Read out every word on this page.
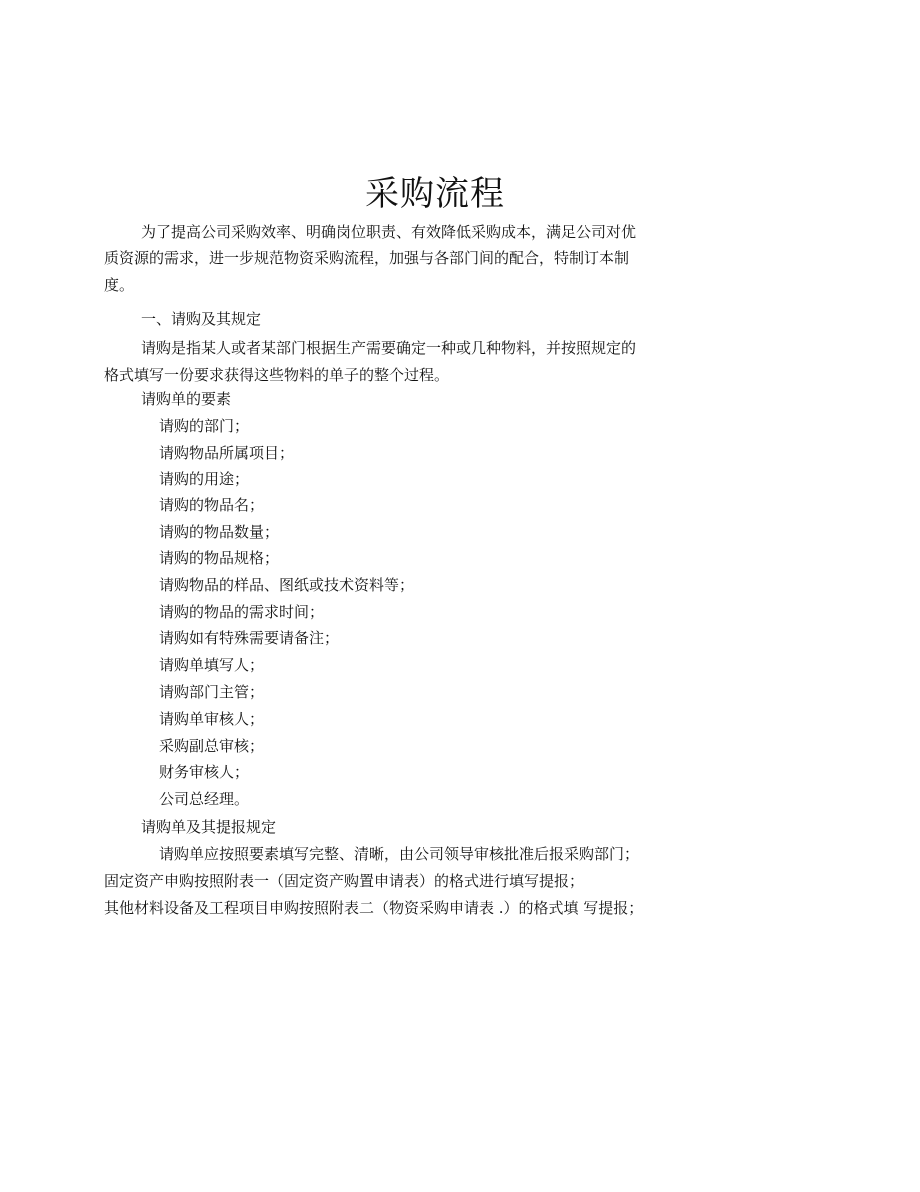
采购流程
为了提高公司采购效率、明确岗位职责、有效降低采购成本，满足公司对优
质资源的需求，进一步规范物资采购流程，加强与各部门间的配合，特制订本制
度。
一、请购及其规定
请购是指某人或者某部门根据生产需要确定一种或几种物料，并按照规定的
格式填写一份要求获得这些物料的单子的整个过程。
请购单的要素
请购的部门；
请购物品所属项目；
请购的用途；
请购的物品名；
请购的物品数量；
请购的物品规格；
请购物品的样品、图纸或技术资料等；
请购的物品的需求时间；
请购如有特殊需要请备注；
请购单填写人；
请购部门主管；
请购单审核人；
采购副总审核；
财务审核人；
公司总经理。
请购单及其提报规定
请购单应按照要素填写完整、清晰，由公司领导审核批准后报采购部门；
固定资产申购按照附表一（固定资产购置申请表）的格式进行填写提报；
其他材料设备及工程项目申购按照附表二（物资采购申请表 .）的格式填 写提报；
